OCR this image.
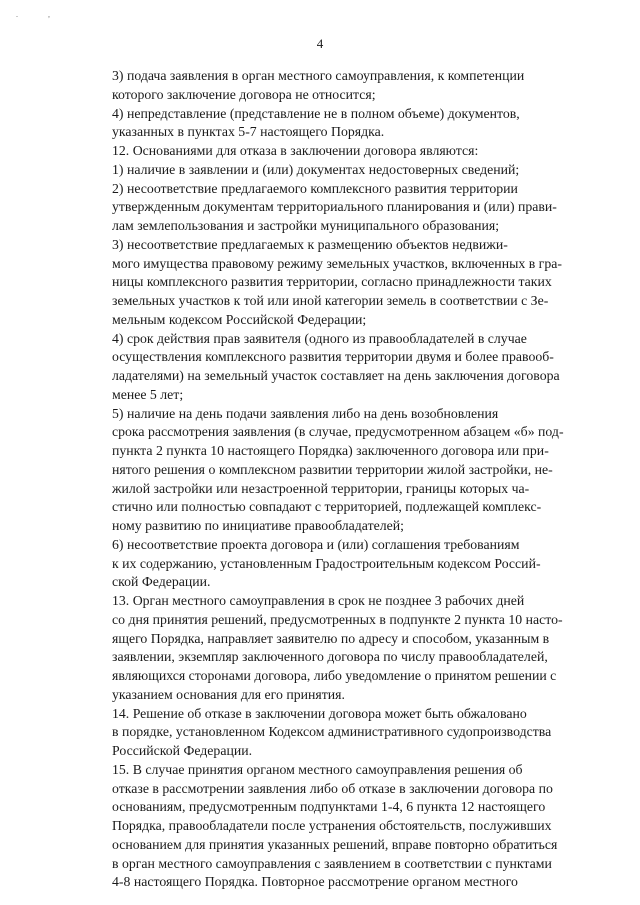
. ,
4
3) подача заявления в орган местного самоуправления, к компетенции
которого заключение договора не относится;
4) непредставление (представление не в полном объеме) документов,
указанных в пунктах 5-7 настоящего Порядка.
12. Основаниями для отказа в заключении договора являются:
1) наличие в заявлении и (или) документах недостоверных сведений;
2) несоответствие предлагаемого комплексного развития территории
утвержденным документам территориального планирования и (или) прави-
лам землепользования и застройки муниципального образования;
3) несоответствие предлагаемых к размещению объектов недвижи-
мого имущества правовому режиму земельных участков, включенных в гра-
ницы комплексного развития территории, согласно принадлежности таких
земельных участков к той или иной категории земель в соответствии с Зе-
мельным кодексом Российской Федерации;
4) срок действия прав заявителя (одного из правообладателей в случае
осуществления комплексного развития территории двумя и более правооб-
ладателями) на земельный участок составляет на день заключения договора
менее 5 лет;
5) наличие на день подачи заявления либо на день возобновления
срока рассмотрения заявления (в случае, предусмотренном абзацем «б» под-
пункта 2 пункта 10 настоящего Порядка) заключенного договора или при-
нятого решения о комплексном развитии территории жилой застройки, не-
жилой застройки или незастроенной территории, границы которых ча-
стично или полностью совпадают с территорией, подлежащей комплекс-
ному развитию по инициативе правообладателей;
6) несоответствие проекта договора и (или) соглашения требованиям
к их содержанию, установленным Градостроительным кодексом Россий-
ской Федерации.
13. Орган местного самоуправления в срок не позднее 3 рабочих дней
со дня принятия решений, предусмотренных в подпункте 2 пункта 10 насто-
ящего Порядка, направляет заявителю по адресу и способом, указанным в
заявлении, экземпляр заключенного договора по числу правообладателей,
являющихся сторонами договора, либо уведомление о принятом решении с
указанием основания для его принятия.
14. Решение об отказе в заключении договора может быть обжаловано
в порядке, установленном Кодексом административного судопроизводства
Российской Федерации.
15. В случае принятия органом местного самоуправления решения об
отказе в рассмотрении заявления либо об отказе в заключении договора по
основаниям, предусмотренным подпунктами 1-4, 6 пункта 12 настоящего
Порядка, правообладатели после устранения обстоятельств, послуживших
основанием для принятия указанных решений, вправе повторно обратиться
в орган местного самоуправления с заявлением в соответствии с пунктами
4-8 настоящего Порядка. Повторное рассмотрение органом местного
